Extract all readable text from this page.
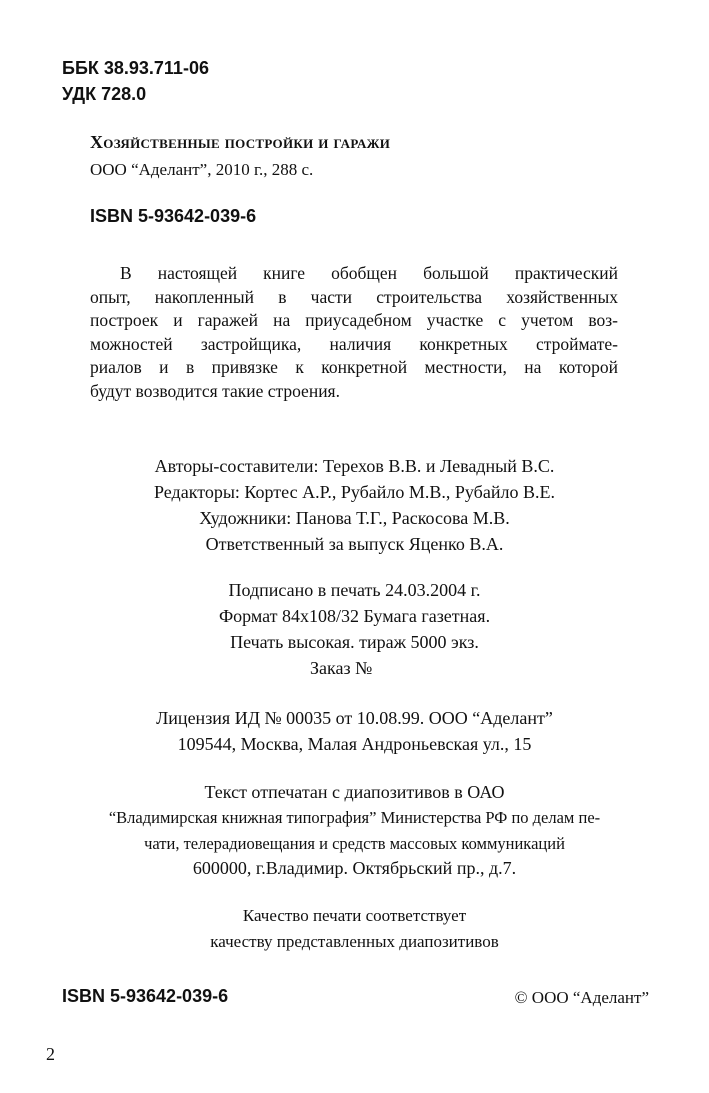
ББК 38.93.711-06

УДК 728.0

Хозяйственные постройки и гаражи

ООО “Аделант”, 2010 г., 288 с.

ISBN 5-93642-039-6

В настоящей книге обобщен большой практический
опыт, накопленный в части строительства хозяйственных
построек и гаражей на приусадебном участке с учетом воз-
можностей застройщика, наличия конкретных строймате-
риалов и в привязке к конкретной местности, на которой
будут возводится такие строения.

Авторы-составители: Терехов В.В. и Левадный В.С.

Редакторы: Кортес А.Р., Рубайло М.В., Рубайло В.Е.

Художники: Панова Т.Г., Раскосова М.В.

Ответственный за выпуск Яценко В.А.

Подписано в печать 24.03.2004 г.

Формат 84х108/32 Бумага газетная.

Печать высокая. тираж 5000 экз.

Заказ №

Лицензия ИД № 00035 от 10.08.99. ООО “Аделант”

109544, Москва, Малая Андроньевская ул., 15

Текст отпечатан с диапозитивов в ОАО

“Владимирская книжная типография” Министерства РФ по делам пе-

чати, телерадиовещания и средств массовых коммуникаций

600000, г.Владимир. Октябрьский пр., д.7.

Качество печати соответствует

качеству представленных диапозитивов

ISBN 5-93642-039-6	© ООО “Аделант”

2
